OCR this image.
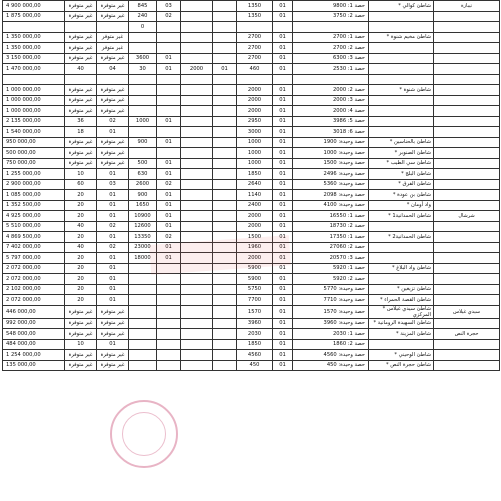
4 900 000,00	غير متوفرة	غير متوفرة	845	03			1350	01	حصة 1: 9800	* شاطئ كوالي	تيبازة
1 875 000,00	غير متوفرة	غير متوفرة	240	02			1350	01	حصة 2: 3750		
			0								
1 350 000,00	غير متوفرة	غير متوفر					2700	01	حصة 1: 2700	* شاطئ مخيم شنوة	
1 350 000,00	غير متوفرة	غير متوفر					2700	01	حصة 2: 2700		
3 150 000,00	غير متوفرة	غير متوفرة	3600	01			2700	01	حصة 3: 6300		
1 470 000,00	40	04	30	01	2000	01	460	01	حصة 1: 2530		

1 000 000,00	غير متوفرة	غير متوفرة					2000	01	حصة 2: 2000	* شاطئ شنوة	
1 000 000,00	غير متوفرة	غير متوفرة					2000	01	حصة 3: 2000		
1 000 000,00	غير متوفرة	غير متوفرة					2000	01	حصة 4: 2000		
2 135 000,00	36	02	1000	01			2950	01	حصة 5: 3986		
1 540 000,00	18	01					3000	01	حصة 6: 3018		
950 000,00	غير متوفرة	غير متوفرة	900	01			1000	01	حصة وحيدة: 1900	* شاطئ بالحناسين	
500 000,00	غير متوفرة	غير متوفرة					1000	01	حصة وحيدة: 1000	* شاطئ الصنوبر	
750 000,00	غير متوفرة	غير متوفرة	500	01			1000	01	حصة وحيدة: 1500	* شاطئ سي الطيب	
1 255 000,00	10	01	630	01			1850	01	حصة وحيدة: 2496	* شاطئ البلج	
2 900 000,00	60	03	2600	02			2640	01	حصة وحيدة: 5360	* شاطئ الفرق	
1 085 000,00	20	01	900	01			1140	01	حصة وحيدة: 2098	* شاطئ بن عودة	
1 352 500,00	20	01	1650	01			2400	01	حصة وحيدة: 4100	* واد أومان	
4 925 000,00	20	01	10900	01			2000	01	حصة 1: 16550	* شاطئ الحمدانية1	شرشال
5 510 000,00	40	02	12600	01			2000	01	حصة 2: 18730		
4 869 500,00	20	01	13350	02			1500	01	حصة 1: 17350	* شاطئ الحمدانية2	
7 402 000,00	40	02	23000	01			1960	01	حصة 2: 27060		
5 797 000,00	20	01	18000	01			2000	01	حصة 3: 20570		
2 072 000,00	20	01					5900	01	حصة 1: 5920	* شاطئ واد البلاغ	
2 072 000,00	20	01					5900	01	حصة 2: 5920		
2 102 000,00	20	01					5750	01	حصة وحيدة: 5770	* شاطئ تزيغين	
2 072 000,00	20	01					7700	01	حصة وحيدة: 7710	* شاطئ القصة الحمراء	
446 000,00	غير متوفرة	غير متوفرة					1570	01	حصة وحيدة: 1570	* شاطئ سيدي غيلاس المركزي	سيدي غيلاس
992 000,00	غير متوفرة	غير متوفرة					3960	01	حصة وحيدة: 3960	* شاطئ السهيدة الرومانية	
548 000,00	غير متوفرة	غير متوفرة					2030	01	حصة 1: 2030	* شاطئ المزينة	حجرة النص
484 000,00	10	01					1850	01	حصة 2: 1860		
1 254 000,00	غير متوفرة	غير متوفرة					4560	01	حصة وحيدة: 4560	* شاطئ الوحيني	
135 000,00	غير متوفرة	غير متوفرة					450	01	حصة وحيدة: 450	* شاطئ حجرة النص	
